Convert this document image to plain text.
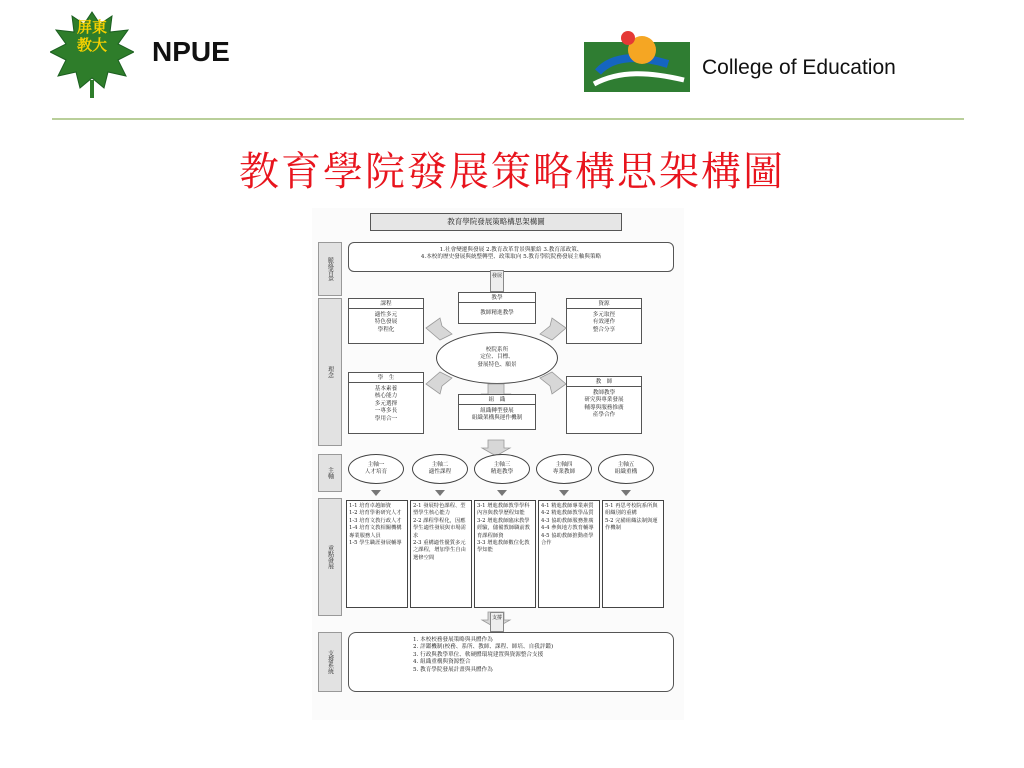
屏東教大 NPUE
College of Education
教育學院發展策略構思架構圖
教育學院發展策略構思架構圖
脈絡背景
理念
主軸
重點發展
支撐系統
1.社會變遷與發展 2.教育改革背景與脈絡 3.教育部政策、
4.本校的歷史發展與統整轉型、政策取向 5.教育學院院務發展主軸與策略
發展
教學
教師精進教學
課程
適性多元
特色發展
學程化
資源
多元取徑
有效運作
整合分享
校院系所
定位、目標、
發展特色、願景
學　生
基本素養
核心能力
多元選擇
一專多長
學用合一
組　織
組織轉型發展
組織架構與運作機制
教　師
教師教學
研究與專業發展
輔導與服務推廣
產學合作
主軸一
人才培育
主軸二
適性課程
主軸三
精進教學
主軸四
專業教師
主軸五
組織重構
1-1 培育卓越師資
1-2 培育學術研究人才
1-3 培育文教行政人才
1-4 培育文教相關機構專業服務人員
1-5 學生職涯發展輔導
2-1 發展特色課程、型塑學生核心能力
2-2 課程學程化，因應學生適性發展與市場需求
2-3 重構適性優質多元之課程，增加學生自由選修空間
3-1 增進教師教學學科內容與教學歷程知能
3-2 增進教師臨床教學經驗，儲備教師職前教育課程師資
3-3 增進教師數位化教學知能
4-1 精進教師專業素質
4-2 精進教師教學品質
4-3 協助教師服務推廣
4-4 參與地方教育輔導
4-5 協助教師推動產學合作
5-1 再思考校院系所與組織別的重構
5-2 完備組織法制與運作機制
支撐
1. 本校校務發展策略與具體作為
2. 評鑑機制(校務、系所、教師、課程、師培、自我評鑑)
3. 行政與教學單位、軟硬體環境建置與資源整合支援
4. 組織重構與資源整合
5. 教育學院發展計畫與具體作為
